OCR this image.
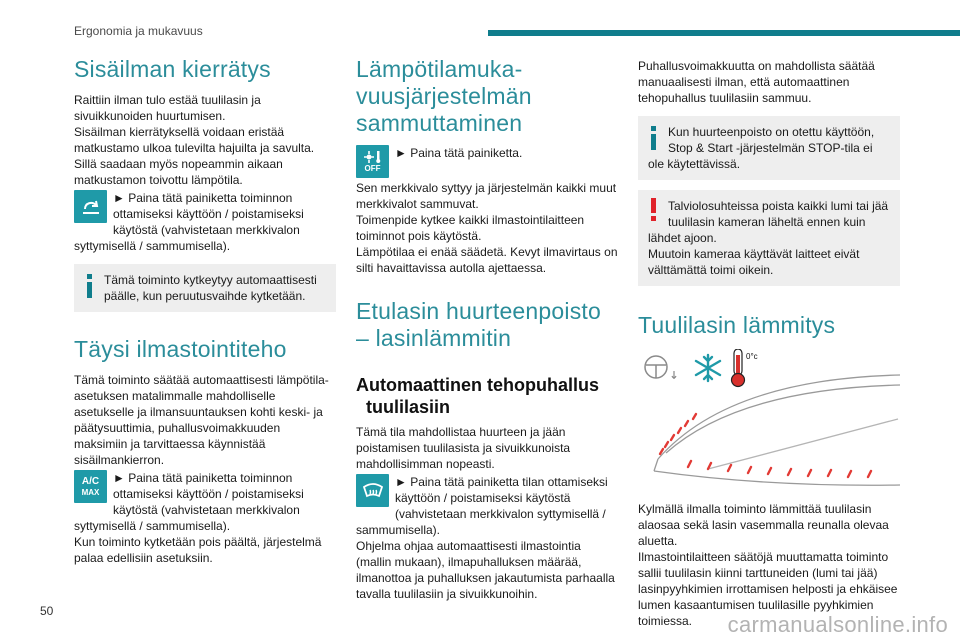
Ergonomia ja mukavuus
Sisäilman kierrätys

Raittiin ilman tulo estää tuulilasin ja sivuikkunoiden huurtumisen.

Sisäilman kierrätyksellä voidaan eristää matkustamo ulkoa tulevilta hajuilta ja savulta.

Sillä saadaan myös nopeammin aikaan matkustamon toivottu lämpötila.

► Paina tätä painiketta toiminnon ottamiseksi käyttöön / poistamiseksi käytöstä (vahvistetaan merkkivalon syttymisellä / sammumisella).

Tämä toiminto kytkeytyy automaattisesti päälle, kun peruutusvaihde kytketään.

Täysi ilmastointiteho

Tämä toiminto säätää automaattisesti lämpötila-asetuksen matalimmalle mahdolliselle asetukselle ja ilmansuuntauksen kohti keski- ja päätysuuttimia, puhallusvoimakkuuden maksimiin ja tarvittaessa käynnistää sisäilmankierron.

A/C
MAX

► Paina tätä painiketta toiminnon ottamiseksi käyttöön / poistamiseksi käytöstä (vahvistetaan merkkivalon syttymisellä / sammumisella).

Kun toiminto kytketään pois päältä, järjestelmä palaa edellisiin asetuksiin.

Lämpötilamuka-
vuusjärjestelmän
sammuttaminen
OFF

► Paina tätä painiketta.

Sen merkkivalo syttyy ja järjestelmän kaikki muut merkkivalot sammuvat.

Toimenpide kytkee kaikki ilmastointilaitteen toiminnot pois käytöstä.

Lämpötilaa ei enää säädetä. Kevyt ilmavirtaus on silti havaittavissa autolla ajettaessa.

Etulasin huurteenpoisto
– lasinlämmitin
Automaattinen tehopuhallus
tuulilasiin

Tämä tila mahdollistaa huurteen ja jään poistamisen tuulilasista ja sivuikkunoista mahdollisimman nopeasti.

► Paina tätä painiketta tilan ottamiseksi käyttöön / poistamiseksi käytöstä (vahvistetaan merkkivalon syttymisellä / sammumisella).

Ohjelma ohjaa automaattisesti ilmastointia (mallin mukaan), ilmapuhalluksen määrää, ilmanottoa ja puhalluksen jakautumista parhaalla tavalla tuulilasiin ja sivuikkunoihin.

Puhallusvoimakkuutta on mahdollista säätää manuaalisesti ilman, että automaattinen tehopuhallus tuulilasiin sammuu.

Kun huurteenpoisto on otettu käyttöön, Stop & Start -järjestelmän STOP-tila ei ole käytettävissä.

Talviolosuhteissa poista kaikki lumi tai jää tuulilasin kameran läheltä ennen kuin lähdet ajoon.

Muutoin kameraa käyttävät laitteet eivät välttämättä toimi oikein.

Tuulilasin lämmitys
0°c

Kylmällä ilmalla toiminto lämmittää tuulilasin alaosaa sekä lasin vasemmalla reunalla olevaa aluetta.

Ilmastointilaitteen säätöjä muuttamatta toiminto sallii tuulilasin kiinni tarttuneiden (lumi tai jää) lasinpyyhkimien irrottamisen helposti ja ehkäisee lumen kasaantumisen tuulilasille pyyhkimien toimiessa.

50
carmanualsonline.info
